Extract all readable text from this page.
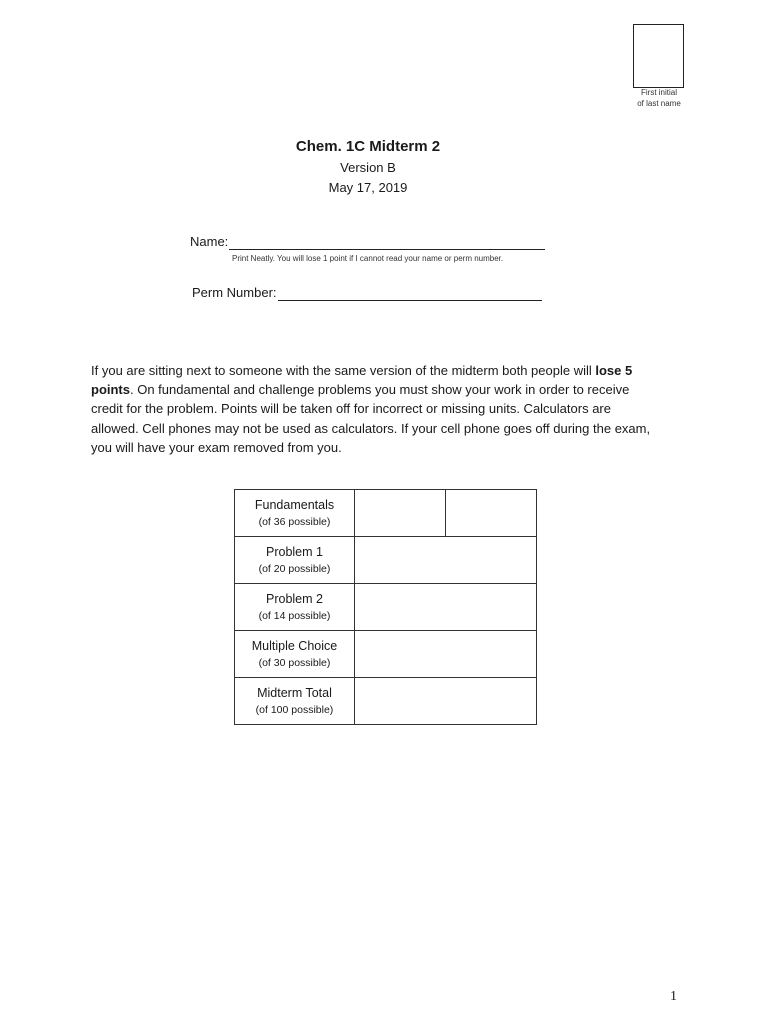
First initial
of last name
Chem. 1C Midterm 2
Version B
May 17, 2019
Name:
Print Neatly. You will lose 1 point if I cannot read your name or perm number.
Perm Number:
If you are sitting next to someone with the same version of the midterm both people will lose 5 points. On fundamental and challenge problems you must show your work in order to receive credit for the problem. Points will be taken off for incorrect or missing units. Calculators are allowed. Cell phones may not be used as calculators. If your cell phone goes off during the exam, you will have your exam removed from you.
Fundamentals
(of 36 possible)		

Problem 1
(of 20 possible)		

Problem 2
(of 14 possible)		

Multiple Choice
(of 30 possible)		

Midterm Total
(of 100 possible)		

1
